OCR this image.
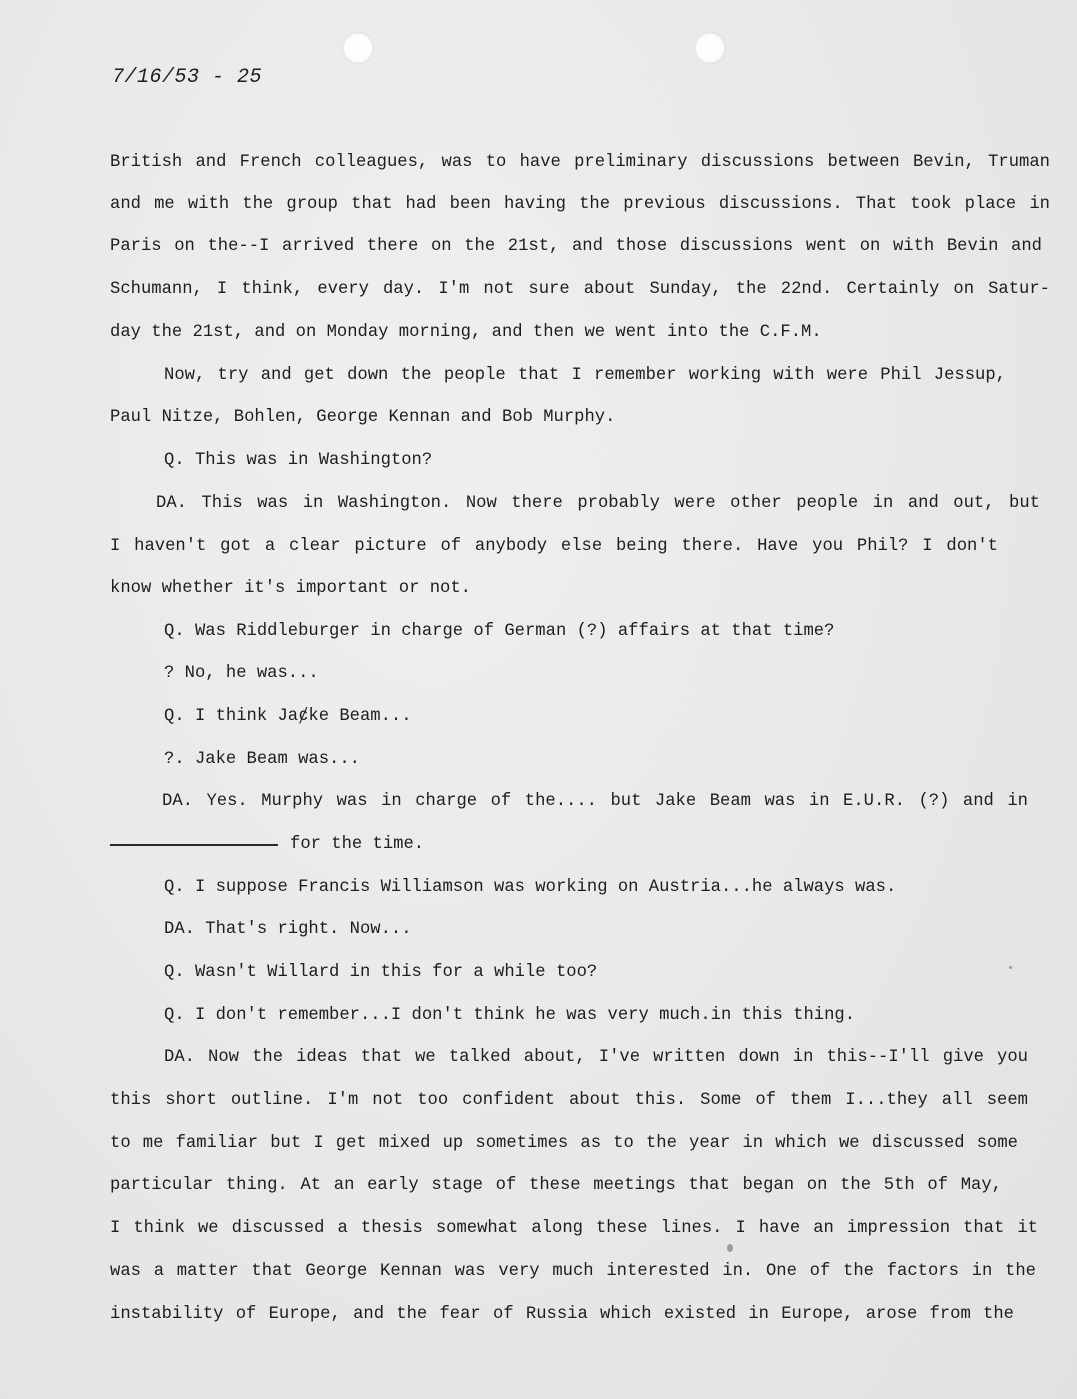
7/16/53 - 25
British and French colleagues, was to have preliminary discussions between Bevin, Truman
and me with the group that had been having the previous discussions. That took place in
Paris on the--I arrived there on the 21st, and those discussions went on with Bevin and
Schumann, I think, every day. I'm not sure about Sunday, the 22nd. Certainly on Satur-
day the 21st, and on Monday morning, and then we went into the C.F.M.
Now, try and get down the people that I remember working with were Phil Jessup,
Paul Nitze, Bohlen, George Kennan and Bob Murphy.
Q. This was in Washington?
DA. This was in Washington. Now there probably were other people in and out, but
I haven't got a clear picture of anybody else being there. Have you Phil? I don't
know whether it's important or not.
Q. Was Riddleburger in charge of German (?) affairs at that time?
? No, he was...
Q. I think Jaȼke Beam...
?. Jake Beam was...
DA. Yes. Murphy was in charge of the.... but Jake Beam was in E.U.R. (?) and in
for the time.
Q. I suppose Francis Williamson was working on Austria...he always was.
DA. That's right. Now...
Q. Wasn't Willard in this for a while too?
Q. I don't remember...I don't think he was very much.in this thing.
DA. Now the ideas that we talked about, I've written down in this--I'll give you
this short outline. I'm not too confident about this. Some of them I...they all seem
to me familiar but I get mixed up sometimes as to the year in which we discussed some
particular thing. At an early stage of these meetings that began on the 5th of May,
I think we discussed a thesis somewhat along these lines. I have an impression that it
was a matter that George Kennan was very much interested in. One of the factors in the
instability of Europe, and the fear of Russia which existed in Europe, arose from the
